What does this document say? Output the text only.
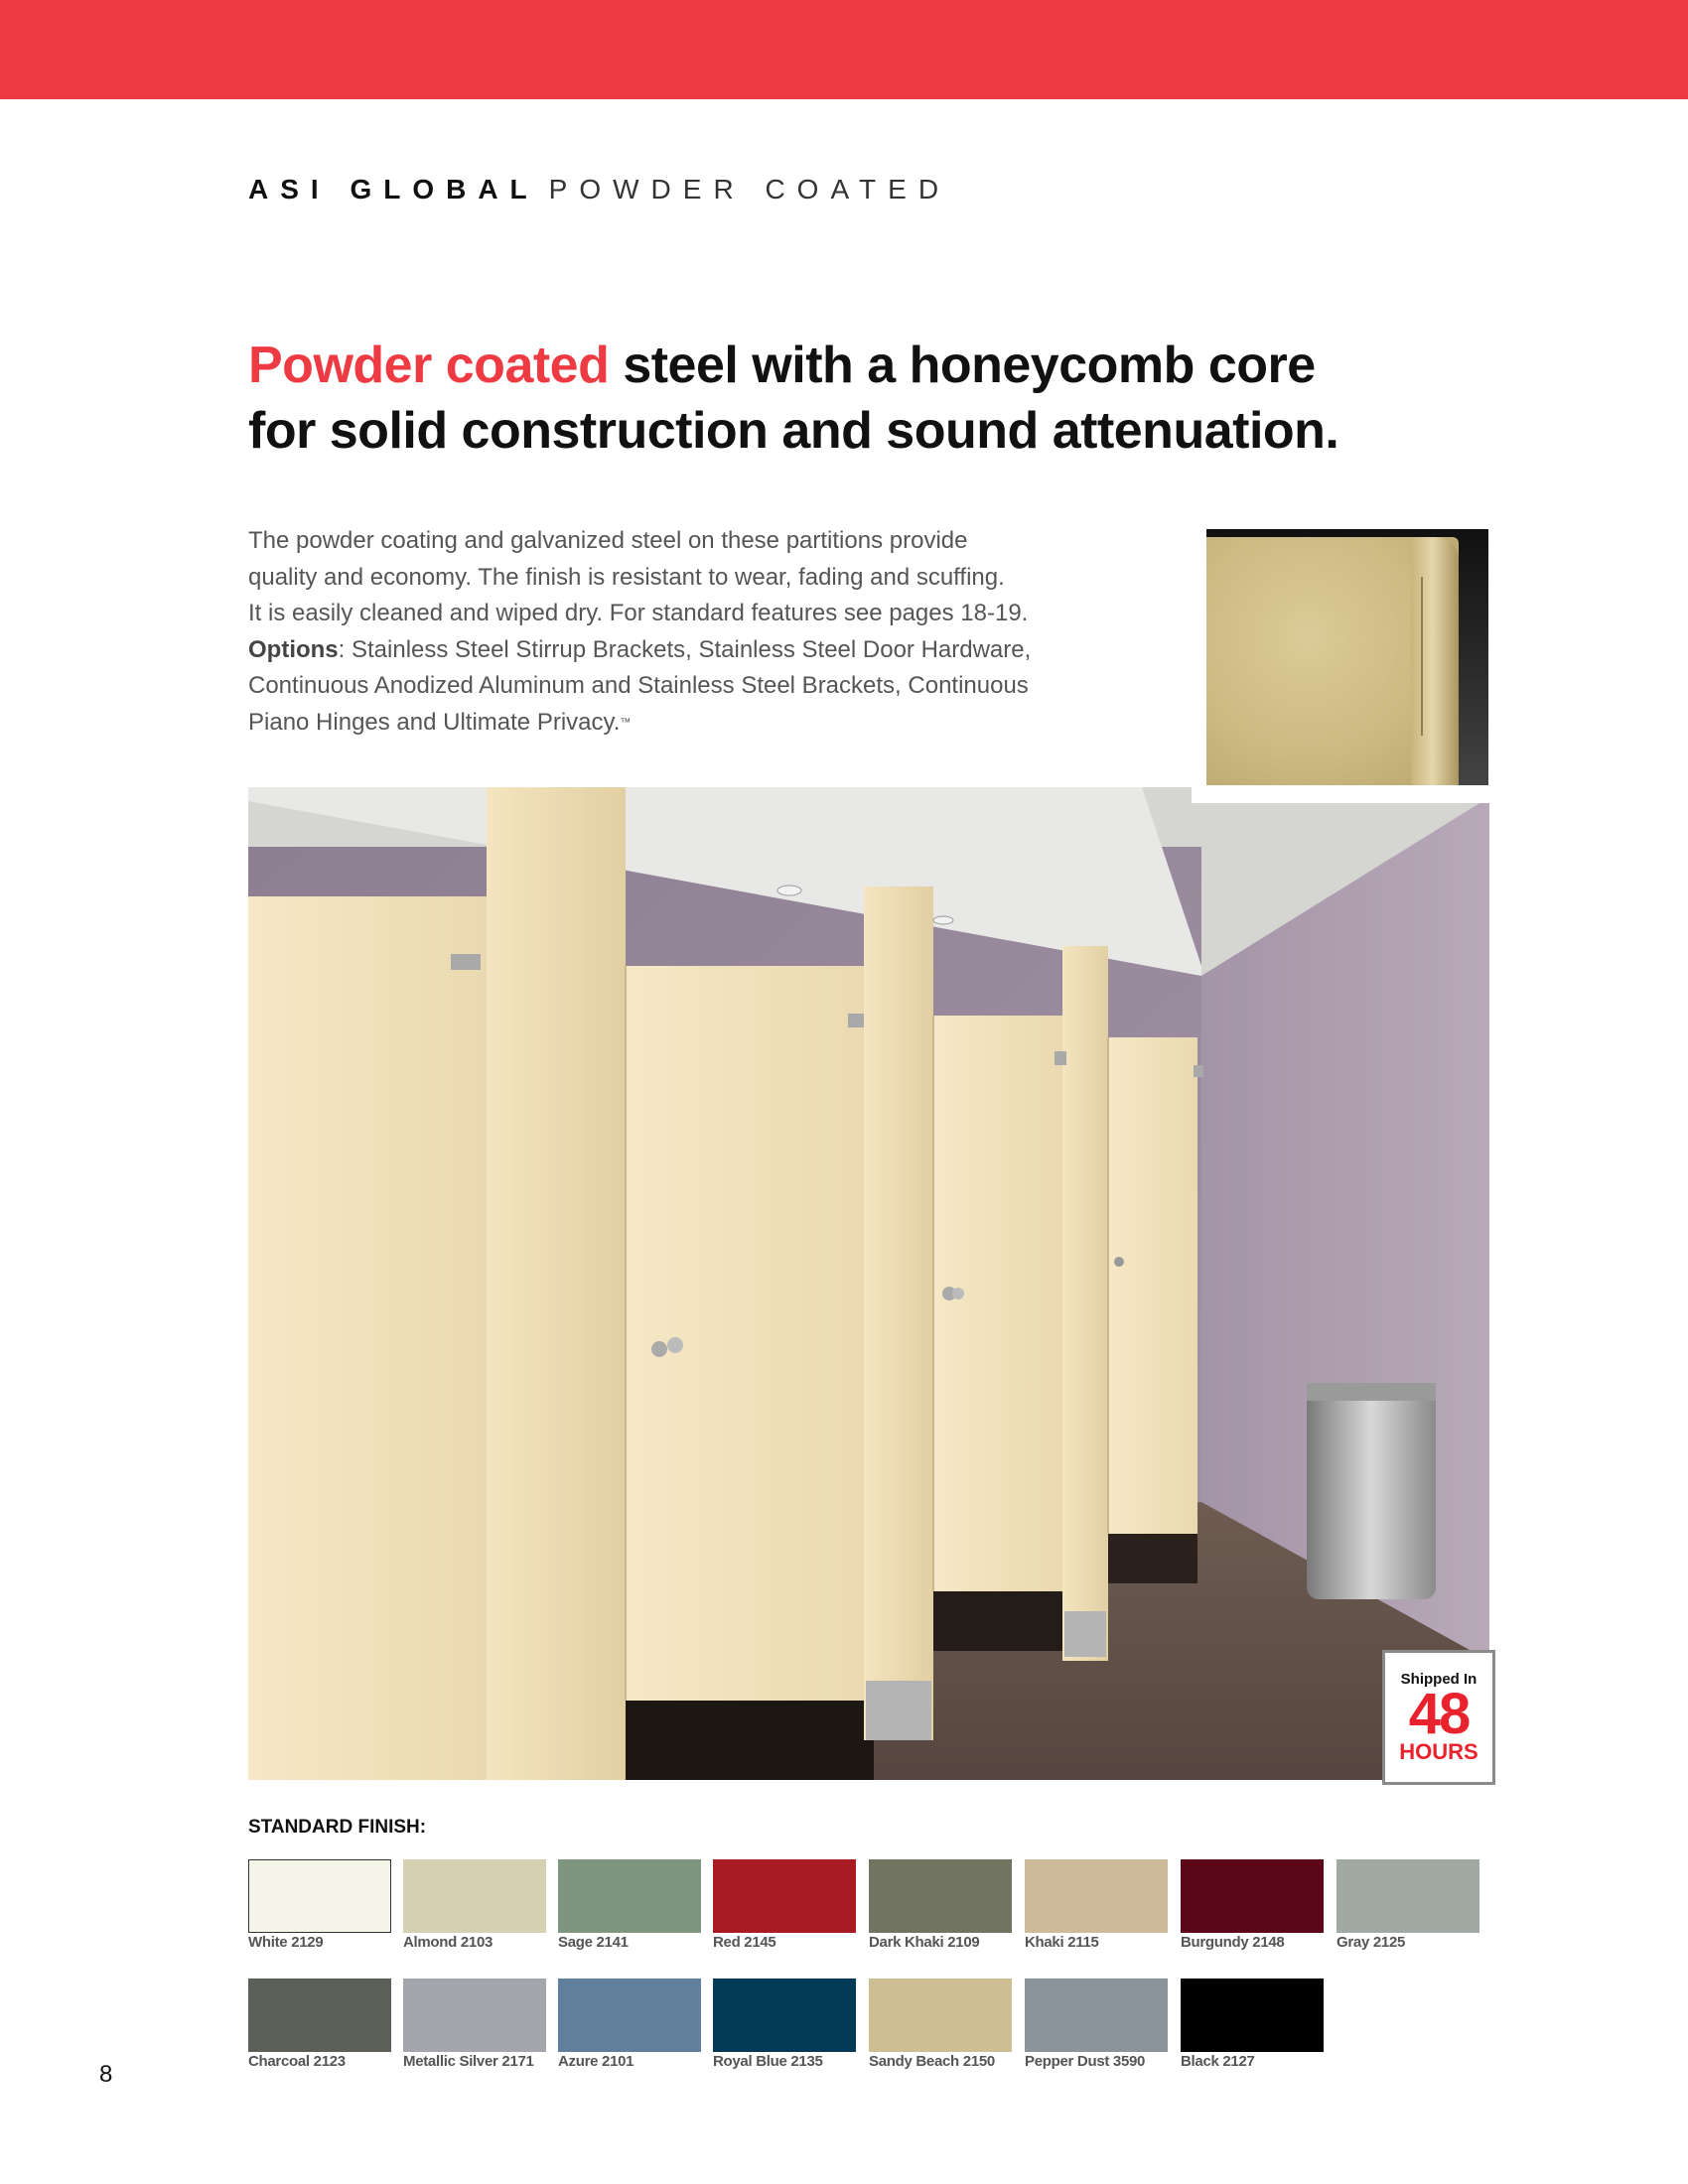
ASI GLOBAL POWDER COATED
Powder coated steel with a honeycomb core
for solid construction and sound attenuation.

The powder coating and galvanized steel on these partitions provide

quality and economy. The finish is resistant to wear, fading and scuffing.

It is easily cleaned and wiped dry. For standard features see pages 18-19.

Options: Stainless Steel Stirrup Brackets, Stainless Steel Door Hardware,

Continuous Anodized Aluminum and Stainless Steel Brackets, Continuous

Piano Hinges and Ultimate Privacy.™

Shipped In
48
HOURS
STANDARD FINISH:
White 2129	Almond 2103	Sage 2141	Red 2145	Dark Khaki 2109	Khaki 2115	Burgundy 2148	Gray 2125
Charcoal 2123	Metallic Silver 2171 Azure 2101	Royal Blue 2135	Sandy Beach 2150 Pepper Dust 3590 Black 2127
8
